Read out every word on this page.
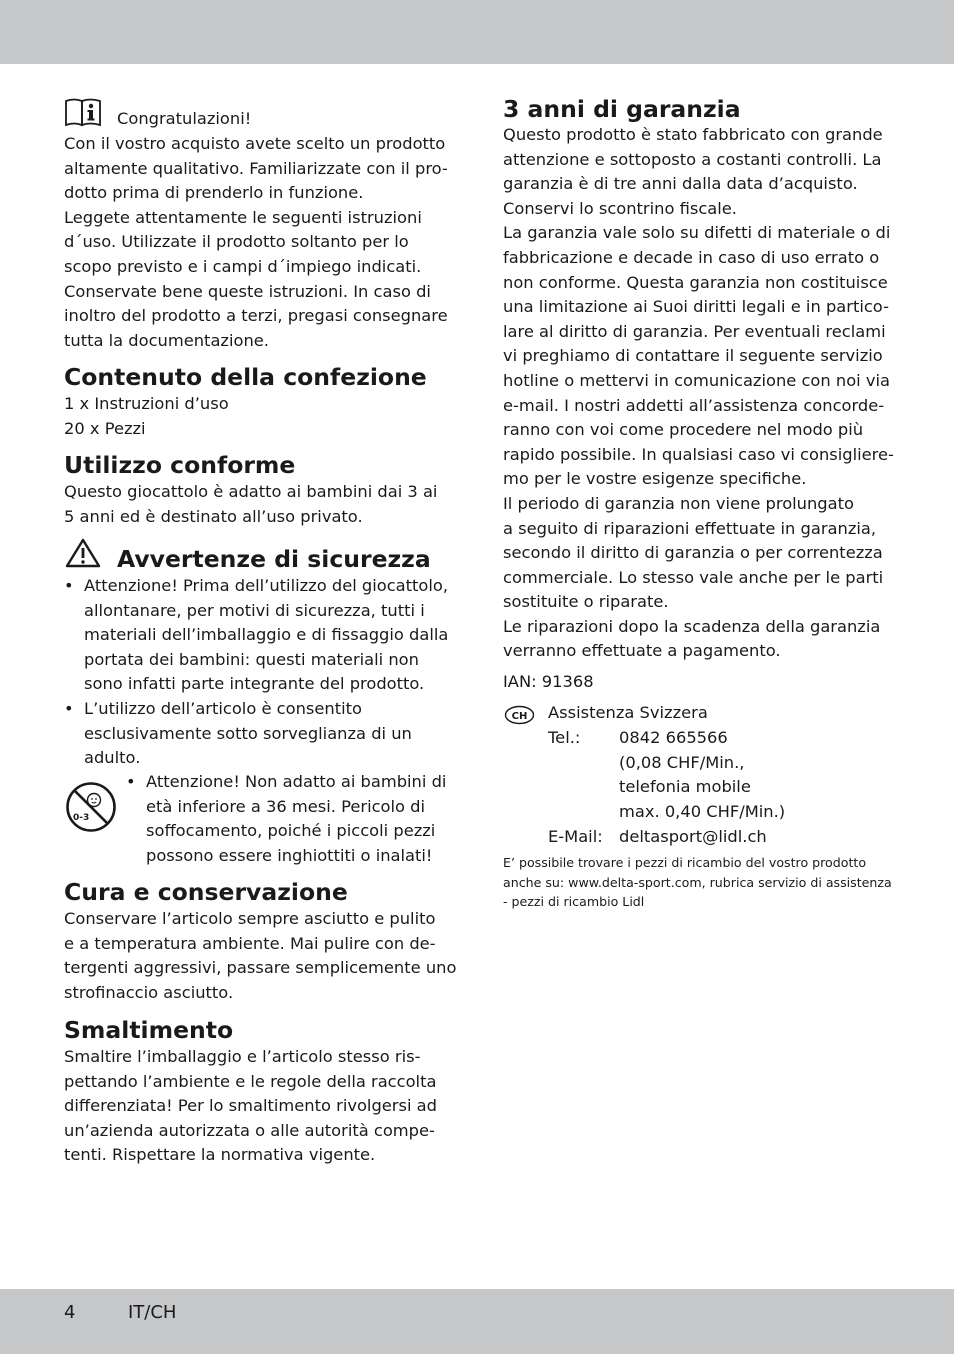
Congratulazioni!
Con il vostro acquisto avete scelto un prodotto
altamente qualitativo. Familiarizzate con il pro-
dotto prima di prenderlo in funzione.
Leggete attentamente le seguenti istruzioni
d´uso. Utilizzate il prodotto soltanto per lo
scopo previsto e i campi d´impiego indicati.
Conservate bene queste istruzioni. In caso di
inoltro del prodotto a terzi, pregasi consegnare
tutta la documentazione.
Contenuto della confezione
1 x Instruzioni d’uso
20 x Pezzi
Utilizzo conforme
Questo giocattolo è adatto ai bambini dai 3 ai
5 anni ed è destinato all’uso privato.
Avvertenze di sicurezza
• Attenzione! Prima dell’utilizzo del giocattolo,
allontanare, per motivi di sicurezza, tutti i
materiali dell’imballaggio e di fissaggio dalla
portata dei bambini: questi materiali non
sono infatti parte integrante del prodotto.
• L’utilizzo dell’articolo è consentito
esclusivamente sotto sorveglianza di un
adulto.
0-3
• Attenzione! Non adatto ai bambini di
età inferiore a 36 mesi. Pericolo di
soffocamento, poiché i piccoli pezzi
possono essere inghiottiti o inalati!
Cura e conservazione
Conservare l’articolo sempre asciutto e pulito
e a temperatura ambiente. Mai pulire con de-
tergenti aggressivi, passare semplicemente uno
strofinaccio asciutto.
Smaltimento
Smaltire l’imballaggio e l’articolo stesso ris-
pettando l’ambiente e le regole della raccolta
differenziata! Per lo smaltimento rivolgersi ad
un’azienda autorizzata o alle autorità compe-
tenti. Rispettare la normativa vigente.
3 anni di garanzia
Questo prodotto è stato fabbricato con grande
attenzione e sottoposto a costanti controlli. La
garanzia è di tre anni dalla data d’acquisto.
Conservi lo scontrino fiscale.
La garanzia vale solo su difetti di materiale o di
fabbricazione e decade in caso di uso errato o
non conforme. Questa garanzia non costituisce
una limitazione ai Suoi diritti legali e in partico-
lare al diritto di garanzia. Per eventuali reclami
vi preghiamo di contattare il seguente servizio
hotline o mettervi in comunicazione con noi via
e-mail. I nostri addetti all’assistenza concorde-
ranno con voi come procedere nel modo più
rapido possibile. In qualsiasi caso vi consigliere-
mo per le vostre esigenze specifiche.
Il periodo di garanzia non viene prolungato
a seguito di riparazioni effettuate in garanzia,
secondo il diritto di garanzia o per correntezza
commerciale. Lo stesso vale anche per le parti
sostituite o riparate.
Le riparazioni dopo la scadenza della garanzia
verranno effettuate a pagamento.
IAN: 91368
CH Assistenza Svizzera
Tel.: 0842 665566
(0,08 CHF/Min.,
telefonia mobile
max. 0,40 CHF/Min.)
E-Mail: deltasport@lidl.ch
E’ possibile trovare i pezzi di ricambio del vostro prodotto
anche su: www.delta-sport.com, rubrica servizio di assistenza
- pezzi di ricambio Lidl
4	IT/CH
